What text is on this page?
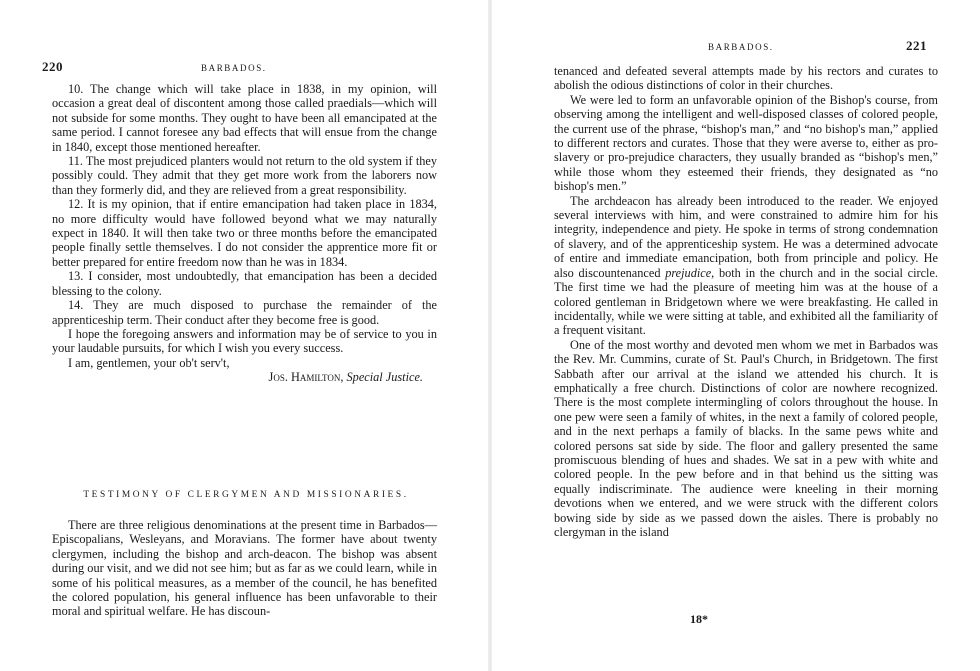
220	BARBADOS.

10. The change which will take place in 1838, in my opinion, will occasion a great deal of discontent among those called praedials—which will not subside for some months. They ought to have been all emancipated at the same period. I cannot foresee any bad effects that will ensue from the change in 1840, except those mentioned hereafter.

11. The most prejudiced planters would not return to the old system if they possibly could. They admit that they get more work from the laborers now than they formerly did, and they are relieved from a great responsibility.

12. It is my opinion, that if entire emancipation had taken place in 1834, no more difficulty would have followed beyond what we may naturally expect in 1840. It will then take two or three months before the emancipated people finally settle themselves. I do not consider the apprentice more fit or better prepared for entire freedom now than he was in 1834.

13. I consider, most undoubtedly, that emancipation has been a decided blessing to the colony.

14. They are much disposed to purchase the remainder of the apprenticeship term. Their conduct after they become free is good.

I hope the foregoing answers and information may be of service to you in your laudable pursuits, for which I wish you every success.

I am, gentlemen, your ob't serv't,

Jos. Hamilton, Special Justice.

TESTIMONY OF CLERGYMEN AND MISSIONARIES.

There are three religious denominations at the present time in Barbados—Episcopalians, Wesleyans, and Moravians. The former have about twenty clergymen, including the bishop and arch-deacon. The bishop was absent during our visit, and we did not see him; but as far as we could learn, while in some of his political measures, as a member of the council, he has benefited the colored population, his general influence has been unfavorable to their moral and spiritual welfare. He has discoun-

BARBADOS.	221

tenanced and defeated several attempts made by his rectors and curates to abolish the odious distinctions of color in their churches.

We were led to form an unfavorable opinion of the Bishop's course, from observing among the intelligent and well-disposed classes of colored people, the current use of the phrase, “bishop's man,” and “no bishop's man,” applied to different rectors and curates. Those that they were averse to, either as pro-slavery or pro-prejudice characters, they usually branded as “bishop's men,” while those whom they esteemed their friends, they designated as “no bishop's men.”

The archdeacon has already been introduced to the reader. We enjoyed several interviews with him, and were constrained to admire him for his integrity, independence and piety. He spoke in terms of strong condemnation of slavery, and of the apprenticeship system. He was a determined advocate of entire and immediate emancipation, both from principle and policy. He also discountenanced prejudice, both in the church and in the social circle. The first time we had the pleasure of meeting him was at the house of a colored gentleman in Bridgetown where we were breakfasting. He called in incidentally, while we were sitting at table, and exhibited all the familiarity of a frequent visitant.

One of the most worthy and devoted men whom we met in Barbados was the Rev. Mr. Cummins, curate of St. Paul's Church, in Bridgetown. The first Sabbath after our arrival at the island we attended his church. It is emphatically a free church. Distinctions of color are nowhere recognized. There is the most complete intermingling of colors throughout the house. In one pew were seen a family of whites, in the next a family of colored people, and in the next perhaps a family of blacks. In the same pews white and colored persons sat side by side. The floor and gallery presented the same promiscuous blending of hues and shades. We sat in a pew with white and colored people. In the pew before and in that behind us the sitting was equally indiscriminate. The audience were kneeling in their morning devotions when we entered, and we were struck with the different colors bowing side by side as we passed down the aisles. There is probably no clergyman in the island

18*
